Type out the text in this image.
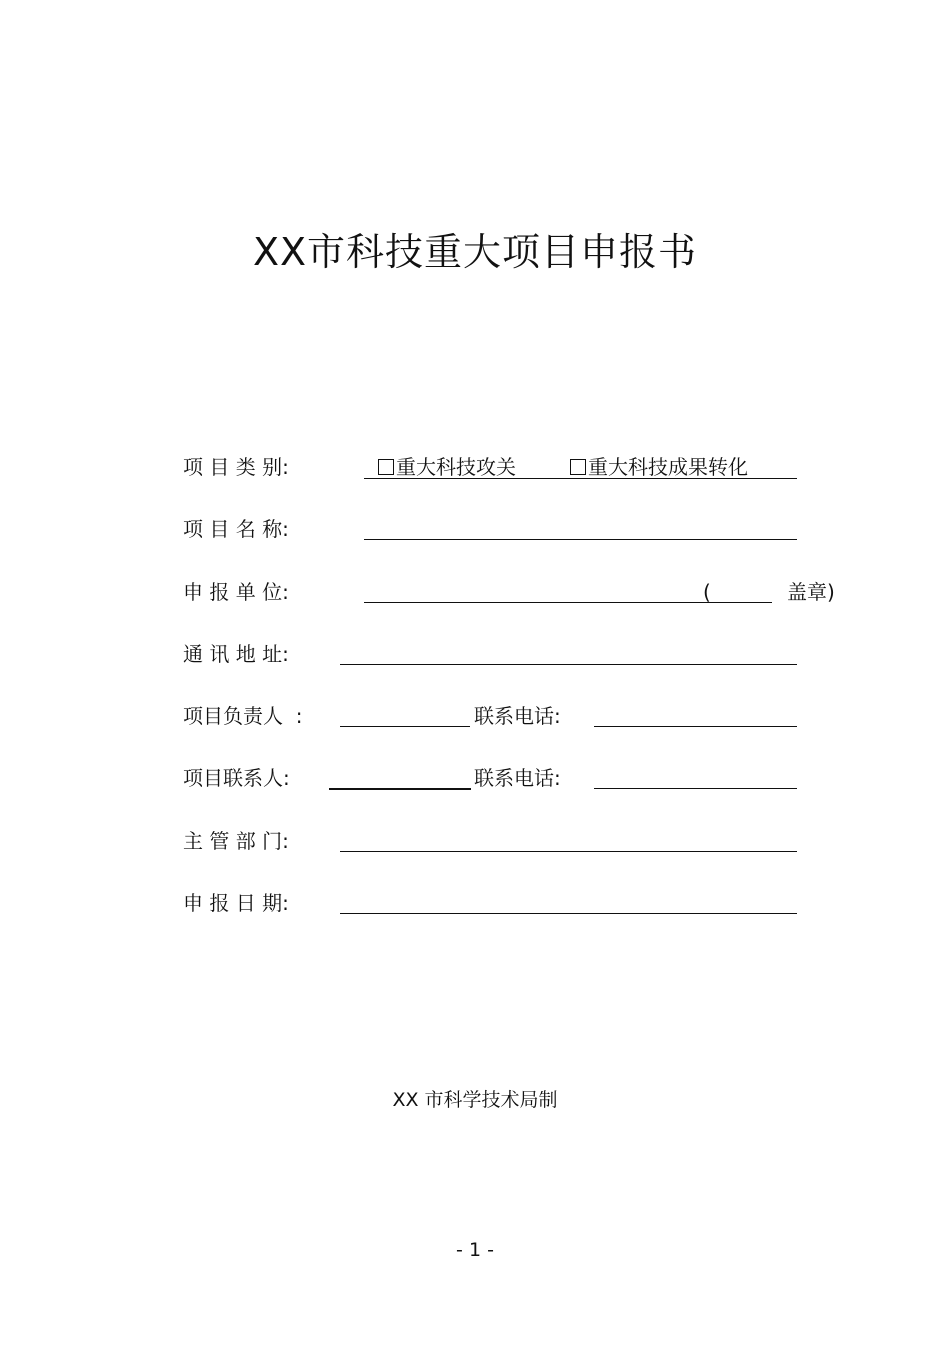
XX市科技重大项目申报书
项 目 类 别:	重大科技攻关	重大科技成果转化
项 目 名 称:
申 报 单 位:	(	盖章)
通 讯 地 址:
项目负责人  :	联系电话:
项目联系人:	联系电话:
主 管 部 门:
申 报 日 期:
XX 市科学技术局制
- 1 -
